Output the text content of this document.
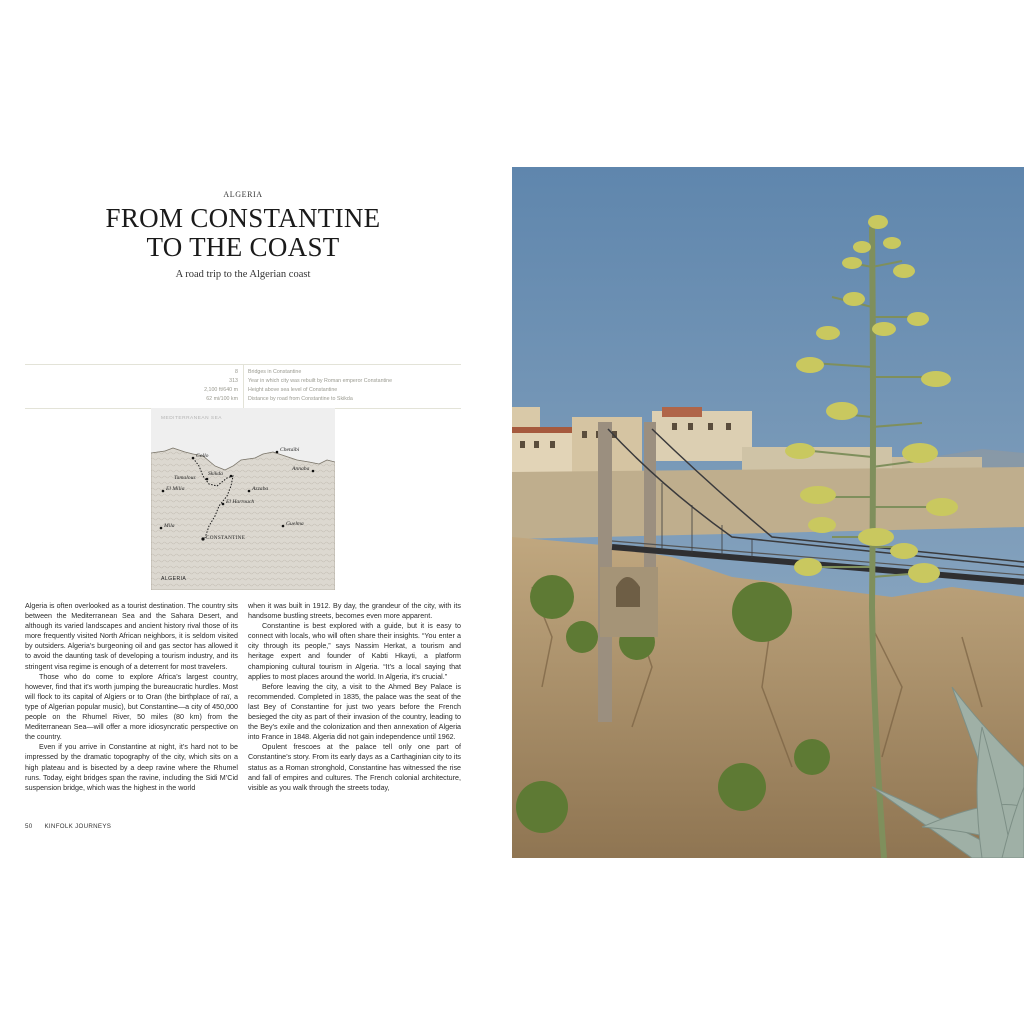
ALGERIA
FROM CONSTANTINE
TO THE COAST
A road trip to the Algerian coast
8 Bridges in Constantine
313 Year in which city was rebuilt by Roman emperor Constantine
2,100 ft/640 m Height above sea level of Constantine
62 mi/100 km Distance by road from Constantine to Skikda
MEDITERRANEAN SEA
Collo
Chetaïbi
Annaba
Skikda
Tamalous
El Milia	Azzaba
El Harrouch
Mila	Guelma
CONSTANTINE
ALGERIA

Algeria is often overlooked as a tourist destination. The country sits between the Mediterranean Sea and the Sahara Desert, and although its varied landscapes and ancient history rival those of its more frequently visited North African neighbors, it is seldom visited by outsiders. Algeria’s burgeoning oil and gas sector has allowed it to avoid the daunting task of developing a tourism industry, and its stringent visa regime is enough of a deterrent for most travelers.

Those who do come to explore Africa’s largest country, however, find that it’s worth jumping the bureaucratic hurdles. Most will flock to its capital of Algiers or to Oran (the birthplace of raï, a type of Algerian popular music), but Constantine—a city of 450,000 people on the Rhumel River, 50 miles (80 km) from the Mediterranean Sea—will offer a more idiosyncratic perspective on the country.

Even if you arrive in Constantine at night, it’s hard not to be impressed by the dramatic topography of the city, which sits on a high plateau and is bisected by a deep ravine where the Rhumel runs. Today, eight bridges span the ravine, including the Sidi M’Cid suspension bridge, which was the highest in the world

when it was built in 1912. By day, the grandeur of the city, with its handsome bustling streets, becomes even more apparent.

Constantine is best explored with a guide, but it is easy to connect with locals, who will often share their insights. “You enter a city through its people,” says Nassim Herkat, a tourism and heritage expert and founder of Kabti Hkayti, a platform championing cultural tourism in Algeria. “It’s a local saying that applies to most places around the world. In Algeria, it’s crucial.”

Before leaving the city, a visit to the Ahmed Bey Palace is recommended. Completed in 1835, the palace was the seat of the last Bey of Constantine for just two years before the French besieged the city as part of their invasion of the country, leading to the Bey’s exile and the colonization and then annexation of Algeria into France in 1848. Algeria did not gain independence until 1962.

Opulent frescoes at the palace tell only one part of Constantine’s story. From its early days as a Carthaginian city to its status as a Roman stronghold, Constantine has witnessed the rise and fall of empires and cultures. The French colonial architecture, visible as you walk through the streets today,

50 KINFOLK JOURNEYS
